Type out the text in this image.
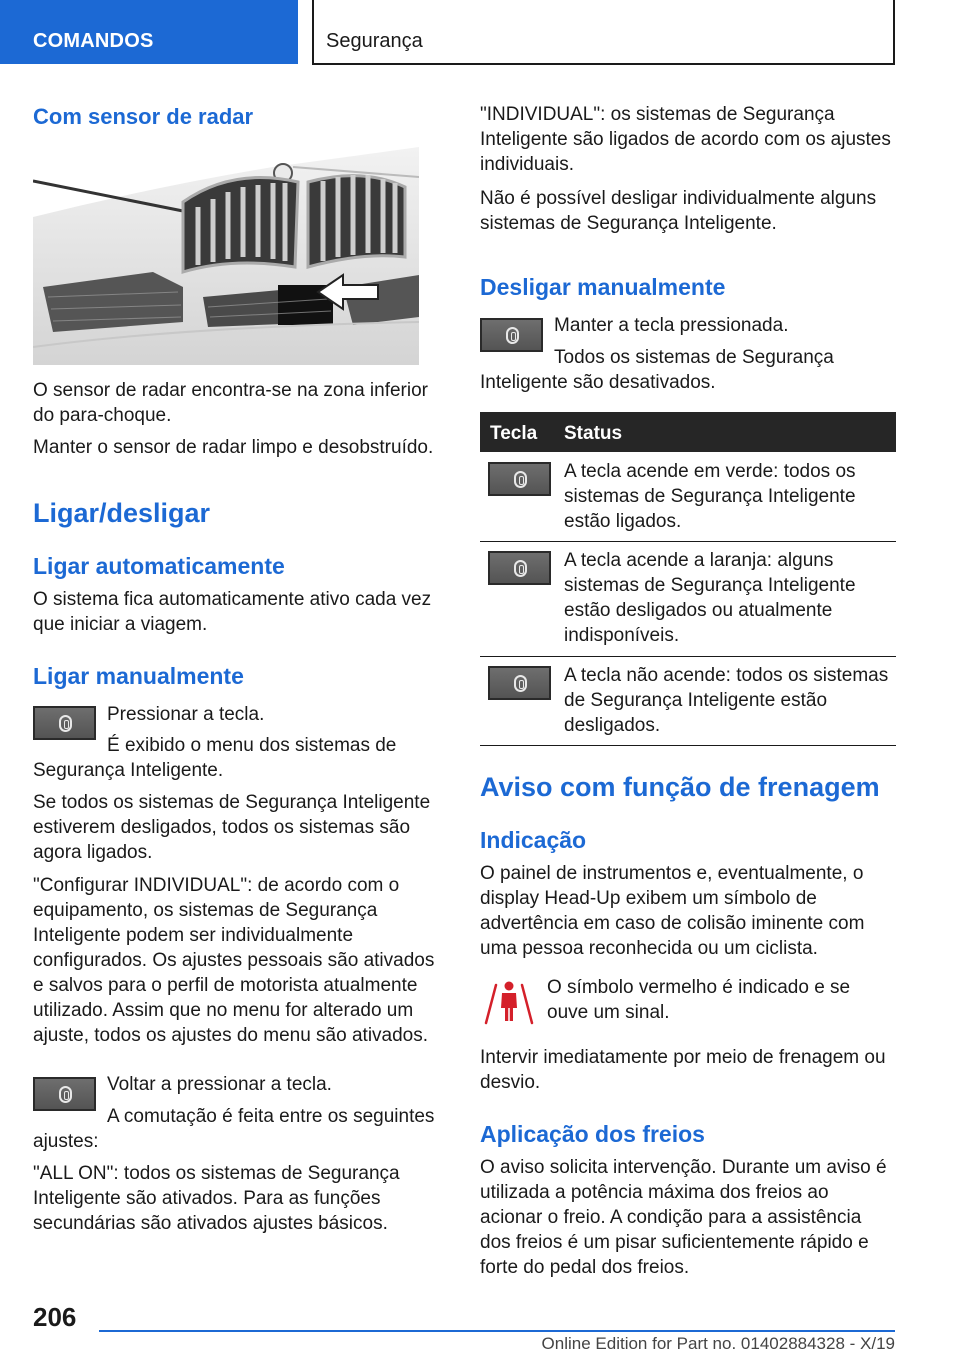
COMANDOS	Segurança
Com sensor de radar
O sensor de radar encontra-se na zona inferior do para-choque.
Manter o sensor de radar limpo e desobstruído.
Ligar/desligar
Ligar automaticamente
O sistema fica automaticamente ativo cada vez que iniciar a viagem.
Ligar manualmente
Pressionar a tecla.
É exibido o menu dos sistemas de Segurança Inteligente.
Se todos os sistemas de Segurança Inteligente estiverem desligados, todos os sistemas são agora ligados.
"Configurar INDIVIDUAL": de acordo com o equipamento, os sistemas de Segurança Inteligente podem ser individualmente configurados. Os ajustes pessoais são ativados e salvos para o perfil de motorista atualmente utilizado. Assim que no menu for alterado um ajuste, todos os ajustes do menu são ativados.
Voltar a pressionar a tecla.
A comutação é feita entre os seguintes ajustes:
"ALL ON": todos os sistemas de Segurança Inteligente são ativados. Para as funções secundárias são ativados ajustes básicos.
"INDIVIDUAL": os sistemas de Segurança Inteligente são ligados de acordo com os ajustes individuais.
Não é possível desligar individualmente alguns sistemas de Segurança Inteligente.
Desligar manualmente
Manter a tecla pressionada.
Todos os sistemas de Segurança Inteligente são desativados.
Tecla Status
A tecla acende em verde: todos os sistemas de Segurança Inteligente estão ligados.
A tecla acende a laranja: alguns sistemas de Segurança Inteligente estão desligados ou atualmente indisponíveis.
A tecla não acende: todos os sistemas de Segurança Inteligente estão desligados.
Aviso com função de frenagem
Indicação
O painel de instrumentos e, eventualmente, o display Head-Up exibem um símbolo de advertência em caso de colisão iminente com uma pessoa reconhecida ou um ciclista.
O símbolo vermelho é indicado e se ouve um sinal.
Intervir imediatamente por meio de frenagem ou desvio.
Aplicação dos freios
O aviso solicita intervenção. Durante um aviso é utilizada a potência máxima dos freios ao acionar o freio. A condição para a assistência dos freios é um pisar suficientemente rápido e forte do pedal dos freios.
206
Online Edition for Part no. 01402884328 - X/19
